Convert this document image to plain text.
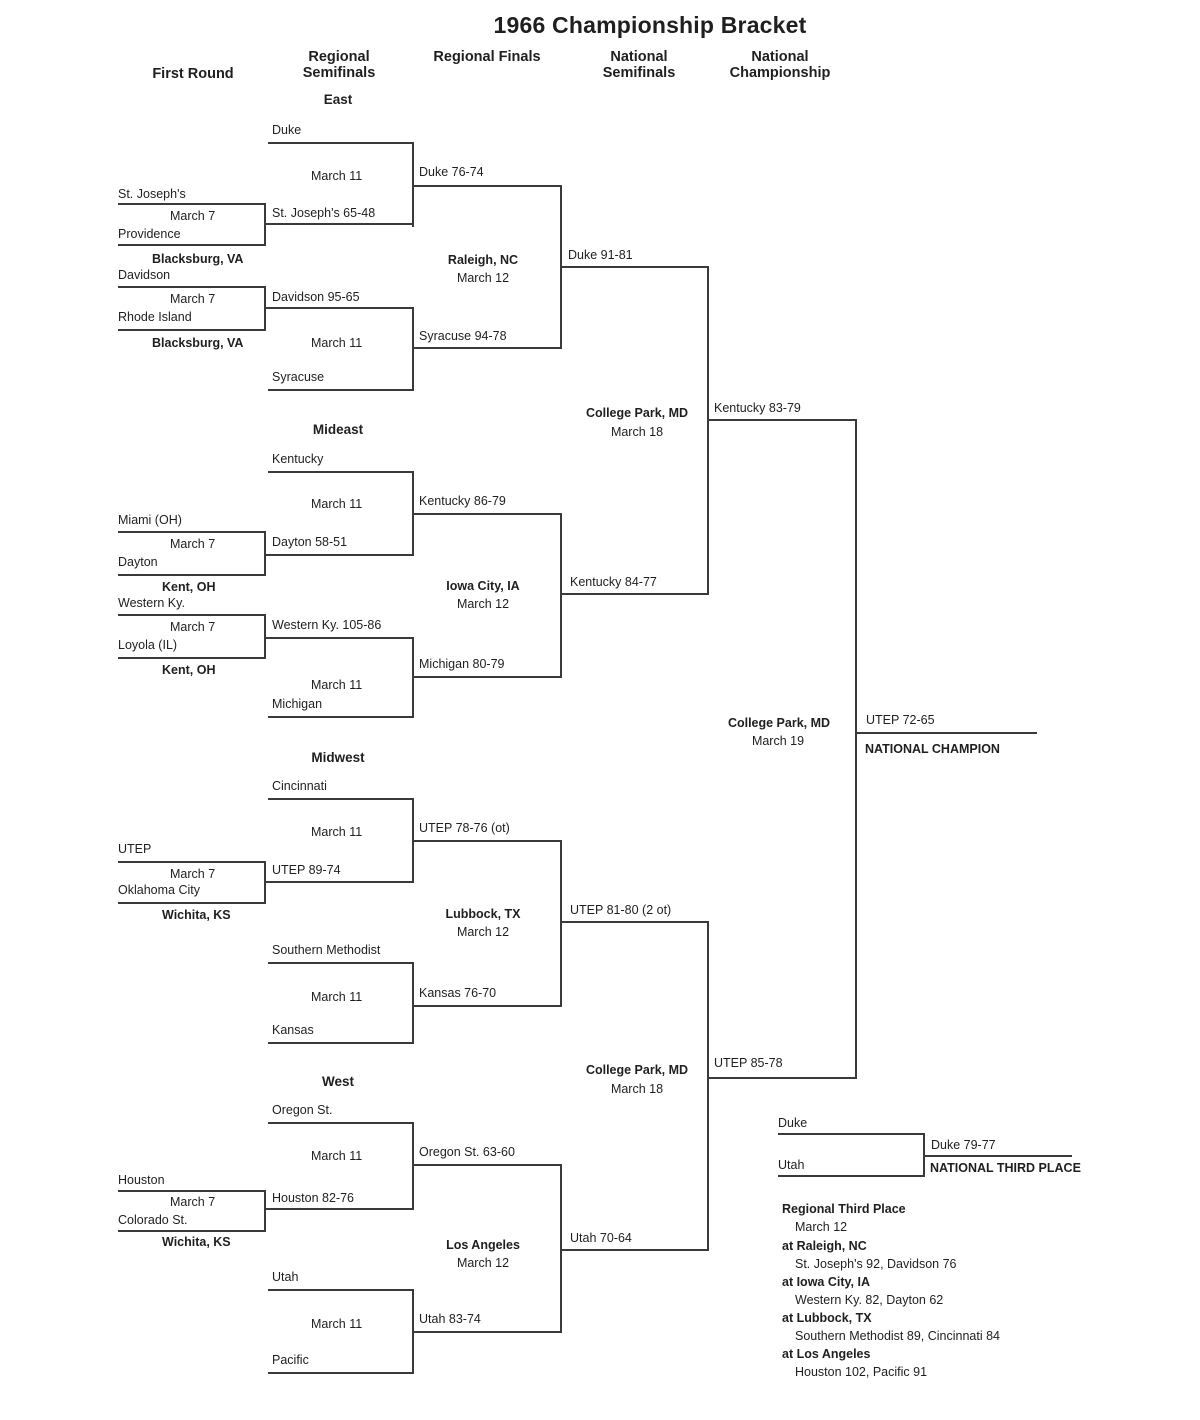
1966 Championship Bracket
First Round
Regional Semifinals
Regional Finals	National Semifinals
National Championship
East
Mideast
Midwest
West
Duke
March 11	Duke 76-74
St. Joseph's
March 7
Providence
St. Joseph's 65-48
Blacksburg, VA
Davidson
March 7
Rhode Island
Davidson 95-65
Blacksburg, VA	March 11
Syracuse
Syracuse 94-78
Raleigh, NC
March 12
Duke 91-81
Kentucky
March 11	Kentucky 86-79
Miami (OH)
March 7
Dayton
Dayton 58-51
Kent, OH
Western Ky.
March 7
Loyola (IL)
Western Ky. 105-86
Kent, OH
March 11
Michigan
Michigan 80-79
Iowa City, IA
March 12
Kentucky 84-77
College Park, MD
March 18
Kentucky 83-79
Cincinnati
March 11	UTEP 78-76 (ot)
UTEP
March 7
Oklahoma City
UTEP 89-74
Wichita, KS	Lubbock, TX
March 12
Southern Methodist
March 11
Kansas
Kansas 76-70
UTEP 81-80 (2 ot)
Oregon St.
March 11	Oregon St. 63-60
Houston
March 7
Colorado St.
Houston 82-76
Wichita, KS	Los Angeles
March 12
Utah
March 11
Pacific
Utah 83-74
Utah 70-64
College Park, MD
March 18
UTEP 85-78
College Park, MD
March 19
UTEP 72-65
NATIONAL CHAMPION
Duke
Utah
Duke 79-77
NATIONAL THIRD PLACE
Regional Third Place
March 12
at Raleigh, NC
St. Joseph's 92, Davidson 76
at Iowa City, IA
Western Ky. 82, Dayton 62
at Lubbock, TX
Southern Methodist 89, Cincinnati 84
at Los Angeles
Houston 102, Pacific 91
